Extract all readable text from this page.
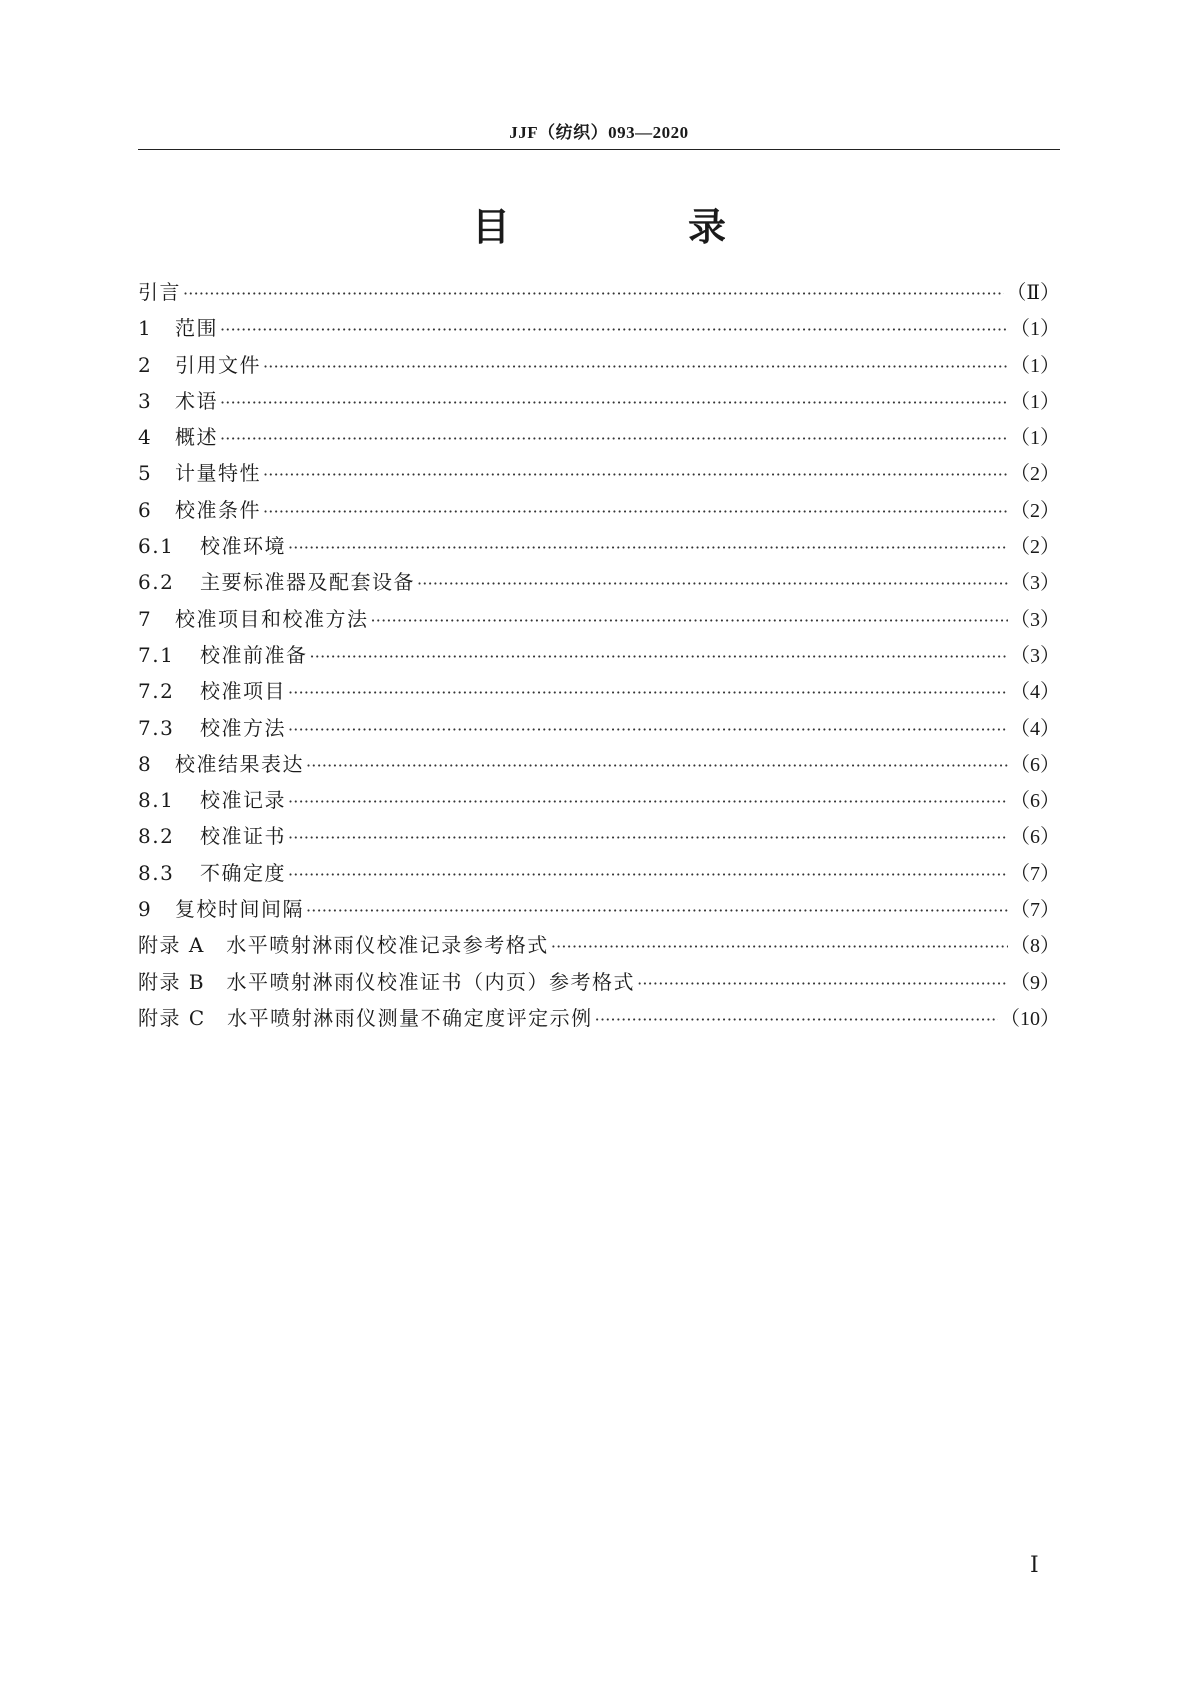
JJF（纺织）093—2020
目　录
引言 ·····	（Ⅱ）
1	范围 ·····	（1）
2	引用文件 ·····	（1）
3	术语 ·····	（1）
4	概述 ·····	（1）
5	计量特性 ·····	（2）
6	校准条件 ·····	（2）
6.1	校准环境 ·····	（2）
6.2	主要标准器及配套设备 ·····	（3）
7	校准项目和校准方法 ·····	（3）
7.1	校准前准备 ·····	（3）
7.2	校准项目 ·····	（4）
7.3	校准方法 ·····	（4）
8	校准结果表达 ·····	（6）
8.1	校准记录 ·····	（6）
8.2	校准证书 ·····	（6）
8.3	不确定度 ·····	（7）
9	复校时间间隔 ·····	（7）
附录 A　水平喷射淋雨仪校准记录参考格式 ·····	（8）
附录 B　水平喷射淋雨仪校准证书（内页）参考格式 ·····	（9）
附录 C　水平喷射淋雨仪测量不确定度评定示例 ·····	（10）
Ⅰ
